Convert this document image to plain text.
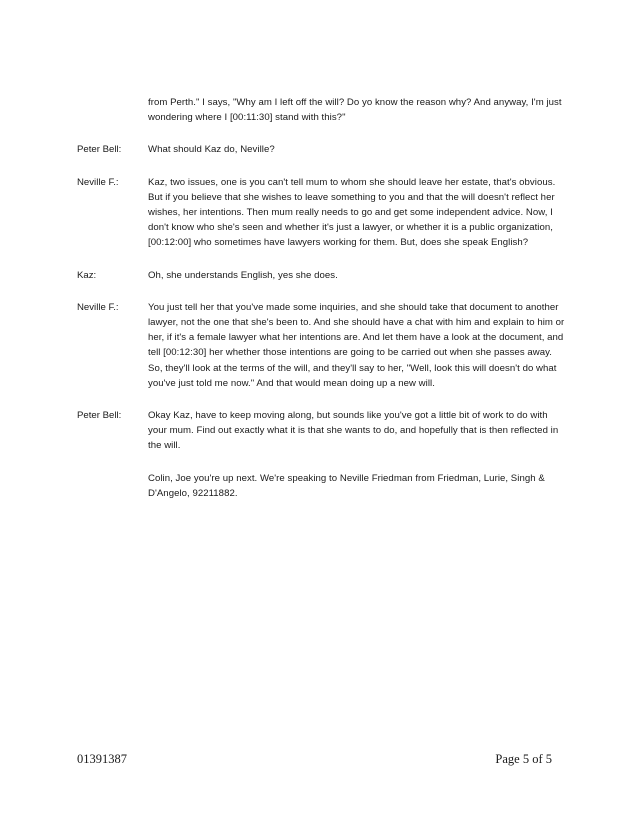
from Perth." I says, "Why am I left off the will? Do yo know the reason why? And anyway, I'm just wondering where I [00:11:30] stand with this?"
Peter Bell:	What should Kaz do, Neville?
Neville F.:	Kaz, two issues, one is you can't tell mum to whom she should leave her estate, that's obvious. But if you believe that she wishes to leave something to you and that the will doesn't reflect her wishes, her intentions. Then mum really needs to go and get some independent advice. Now, I don't know who she's seen and whether it's just a lawyer, or whether it is a public organization, [00:12:00] who sometimes have lawyers working for them. But, does she speak English?
Kaz:	Oh, she understands English, yes she does.
Neville F.:	You just tell her that you've made some inquiries, and she should take that document to another lawyer, not the one that she's been to. And she should have a chat with him and explain to him or her, if it's a female lawyer what her intentions are. And let them have a look at the document, and tell [00:12:30] her whether those intentions are going to be carried out when she passes away. So, they'll look at the terms of the will, and they'll say to her, "Well, look this will doesn't do what you've just told me now." And that would mean doing up a new will.
Peter Bell:	Okay Kaz, have to keep moving along, but sounds like you've got a little bit of work to do with your mum. Find out exactly what it is that she wants to do, and hopefully that is then reflected in the will.
Colin, Joe you're up next. We're speaking to Neville Friedman from Friedman, Lurie, Singh & D'Angelo, 92211882.
01391387	Page 5 of 5
